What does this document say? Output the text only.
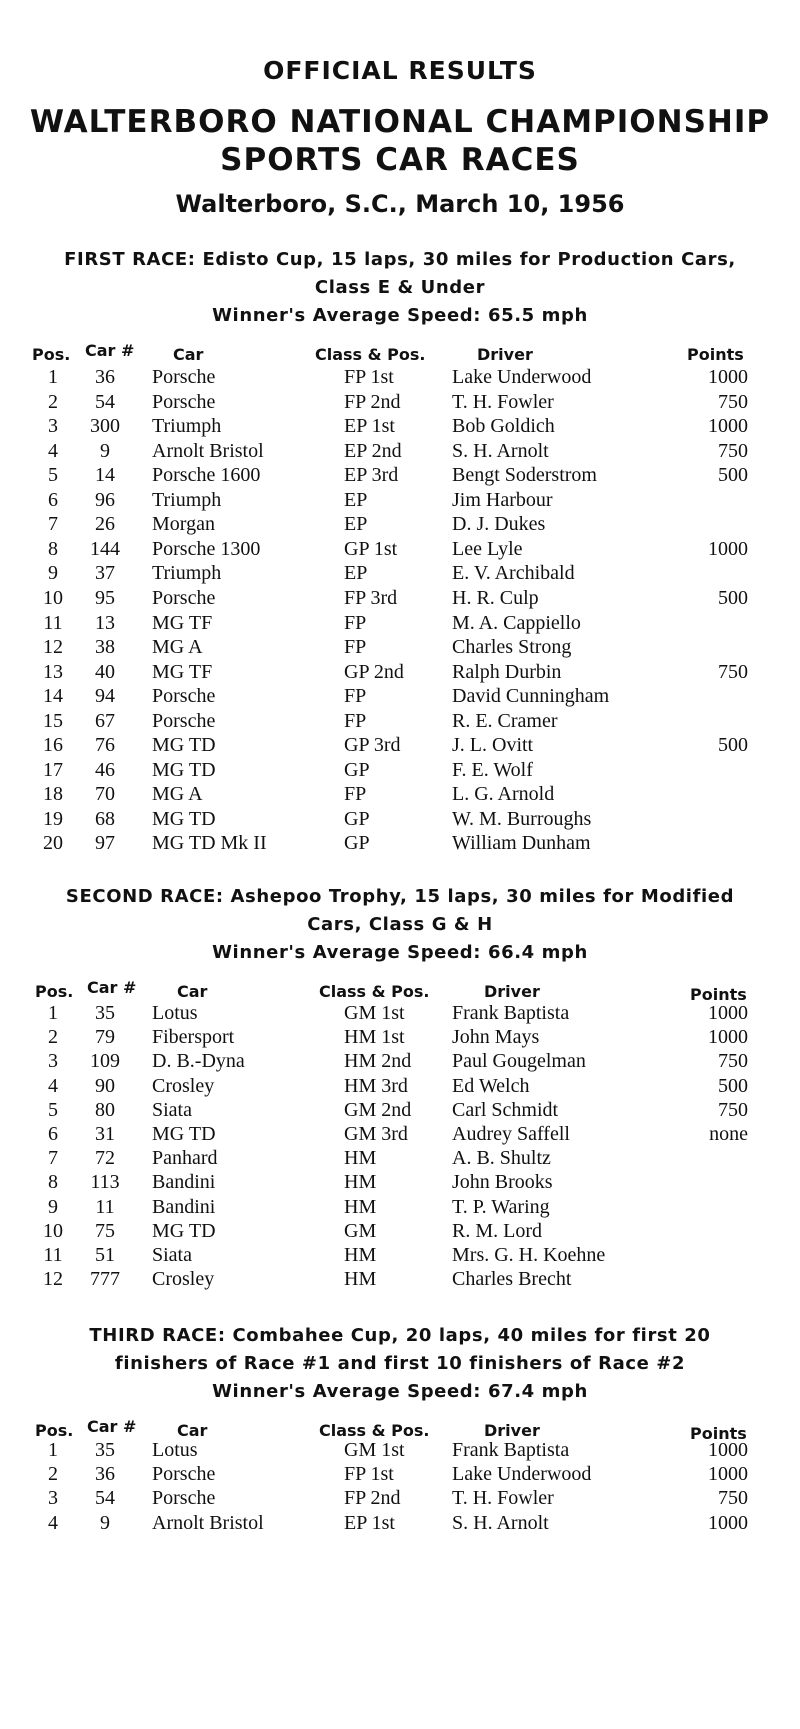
OFFICIAL RESULTS
WALTERBORO NATIONAL CHAMPIONSHIP
SPORTS CAR RACES
Walterboro, S.C., March 10, 1956
FIRST RACE: Edisto Cup, 15 laps, 30 miles for Production Cars,
Class E & Under
Winner's Average Speed: 65.5 mph
Pos. Car # Car	Class & Pos.	Driver	Points
1	36	Porsche	FP 1st	Lake Underwood	1000
2	54	Porsche	FP 2nd	T. H. Fowler	750
3	300	Triumph	EP 1st	Bob Goldich	1000
4	9	Arnolt Bristol	EP 2nd	S. H. Arnolt	750
5	14	Porsche 1600	EP 3rd	Bengt Soderstrom	500
6	96	Triumph	EP	Jim Harbour
7	26	Morgan	EP	D. J. Dukes
8	144	Porsche 1300	GP 1st	Lee Lyle	1000
9	37	Triumph	EP	E. V. Archibald
10	95	Porsche	FP 3rd	H. R. Culp	500
11	13	MG TF	FP	M. A. Cappiello
12	38	MG A	FP	Charles Strong
13	40	MG TF	GP 2nd Ralph Durbin	750
14	94	Porsche	FP	David Cunningham
15	67	Porsche	FP	R. E. Cramer
16	76	MG TD	GP 3rd	J. L. Ovitt	500
17	46	MG TD	GP	F. E. Wolf
18	70	MG A	FP	L. G. Arnold
19	68	MG TD	GP	W. M. Burroughs
20	97	MG TD Mk II	GP	William Dunham
SECOND RACE: Ashepoo Trophy, 15 laps, 30 miles for Modified
Cars, Class G & H
Winner's Average Speed: 66.4 mph
Pos. Car #	Car	Class & Pos.	Driver	Points
1	35	Lotus	GM 1st Frank Baptista	1000
2	79	Fibersport	HM 1st John Mays	1000
3	109	D. B.-Dyna	HM 2nd Paul Gougelman	750
4	90	Crosley	HM 3rd Ed Welch	500
5	80	Siata	GM 2nd Carl Schmidt	750
6	31	MG TD	GM 3rd Audrey Saffell	none
7	72	Panhard	HM	A. B. Shultz
8	113	Bandini	HM	John Brooks
9	11	Bandini	HM	T. P. Waring
10	75	MG TD	GM	R. M. Lord
11	51	Siata	HM	Mrs. G. H. Koehne
12	777	Crosley	HM	Charles Brecht
THIRD RACE: Combahee Cup, 20 laps, 40 miles for first 20
finishers of Race #1 and first 10 finishers of Race #2
Winner's Average Speed: 67.4 mph
Pos. Car #	Car	Class & Pos.	Driver	Points
1	35	Lotus	GM 1st Frank Baptista	1000
2	36	Porsche	FP 1st	Lake Underwood	1000
3	54	Porsche	FP 2nd	T. H. Fowler	750
4	9	Arnolt Bristol	EP 1st	S. H. Arnolt	1000
